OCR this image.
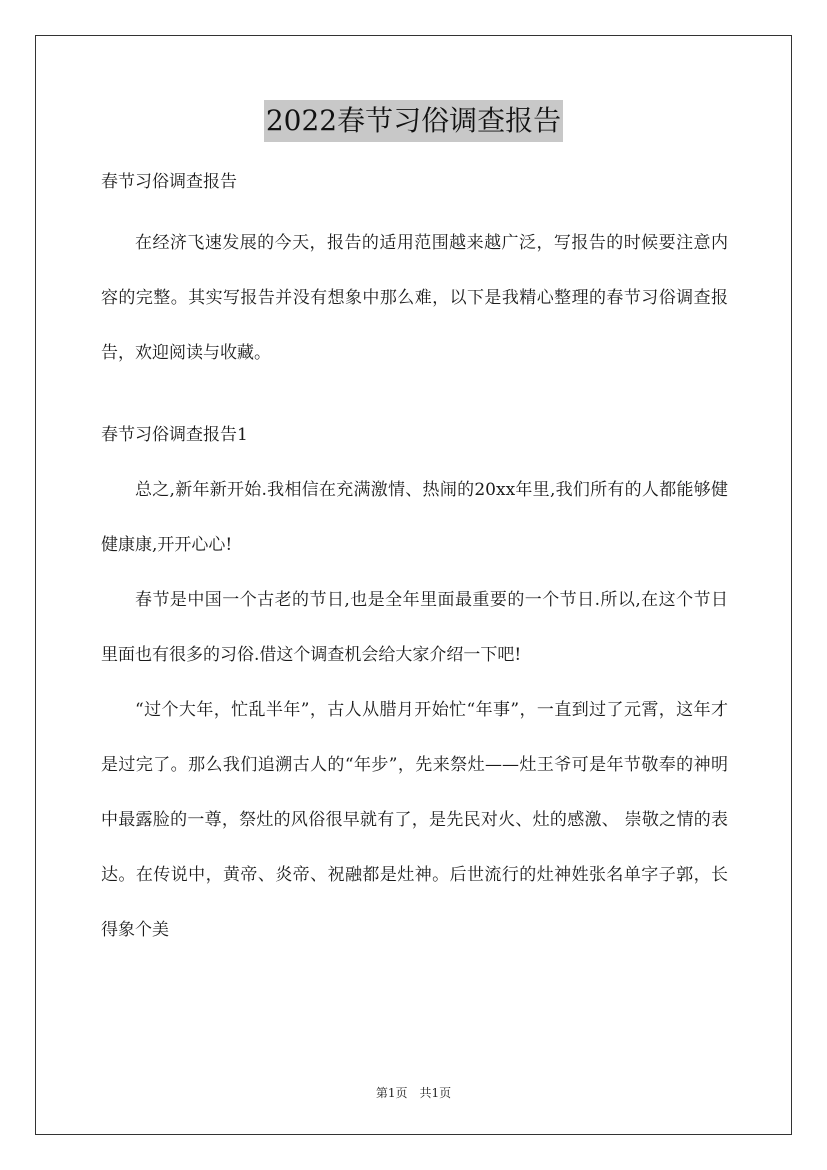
2022春节习俗调查报告

春节习俗调查报告

在经济飞速发展的今天，报告的适用范围越来越广泛，写报告的时候要注意内容的完整。其实写报告并没有想象中那么难，以下是我精心整理的春节习俗调查报告，欢迎阅读与收藏。

春节习俗调查报告1

总之,新年新开始.我相信在充满激情、热闹的20xx年里,我们所有的人都能够健健康康,开开心心!

春节是中国一个古老的节日,也是全年里面最重要的一个节日.所以,在这个节日里面也有很多的习俗.借这个调查机会给大家介绍一下吧!

“过个大年，忙乱半年”，古人从腊月开始忙“年事”，一直到过了元霄，这年才是过完了。那么我们追溯古人的“年步”，先来祭灶——灶王爷可是年节敬奉的神明中最露脸的一尊，祭灶的风俗很早就有了，是先民对火、灶的感激、 崇敬之情的表达。在传说中，黄帝、炎帝、祝融都是灶神。后世流行的灶神姓张名单字子郭，长得象个美

第1页　共1页
